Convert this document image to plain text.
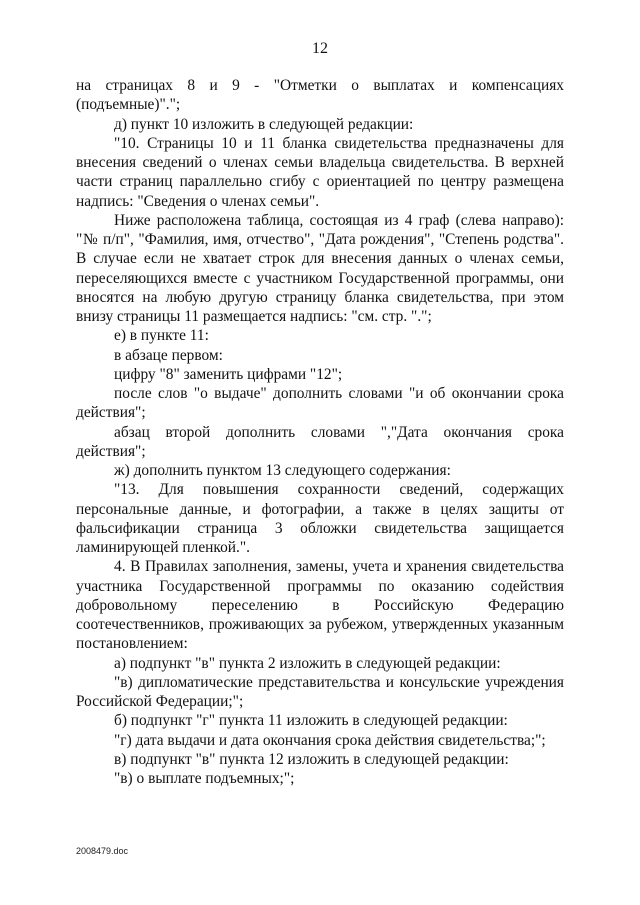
12

на страницах 8 и 9 - "Отметки о выплатах и компенсациях (подъемные)".";

д) пункт 10 изложить в следующей редакции:

"10. Страницы 10 и 11 бланка свидетельства предназначены для внесения сведений о членах семьи владельца свидетельства. В верхней части страниц параллельно сгибу с ориентацией по центру размещена надпись: "Сведения о членах семьи".

Ниже расположена таблица, состоящая из 4 граф (слева направо): "№ п/п", "Фамилия, имя, отчество", "Дата рождения", "Степень родства". В случае если не хватает строк для внесения данных о членах семьи, переселяющихся вместе с участником Государственной программы, они вносятся на любую другую страницу бланка свидетельства, при этом внизу страницы 11 размещается надпись: "см. стр. ".";

е) в пункте 11:

в абзаце первом:

цифру "8" заменить цифрами "12";

после слов "о выдаче" дополнить словами "и об окончании срока действия";

абзац второй дополнить словами ","Дата окончания срока действия";

ж) дополнить пунктом 13 следующего содержания:

"13. Для повышения сохранности сведений, содержащих персональные данные, и фотографии, а также в целях защиты от фальсификации страница 3 обложки свидетельства защищается ламинирующей пленкой.".

4. В Правилах заполнения, замены, учета и хранения свидетельства участника Государственной программы по оказанию содействия добровольному переселению в Российскую Федерацию соотечественников, проживающих за рубежом, утвержденных указанным постановлением:

а) подпункт "в" пункта 2 изложить в следующей редакции:

"в) дипломатические представительства и консульские учреждения Российской Федерации;";

б) подпункт "г" пункта 11 изложить в следующей редакции:

"г) дата выдачи и дата окончания срока действия свидетельства;";

в) подпункт "в" пункта 12 изложить в следующей редакции:

"в) о выплате подъемных;";

2008479.doc
